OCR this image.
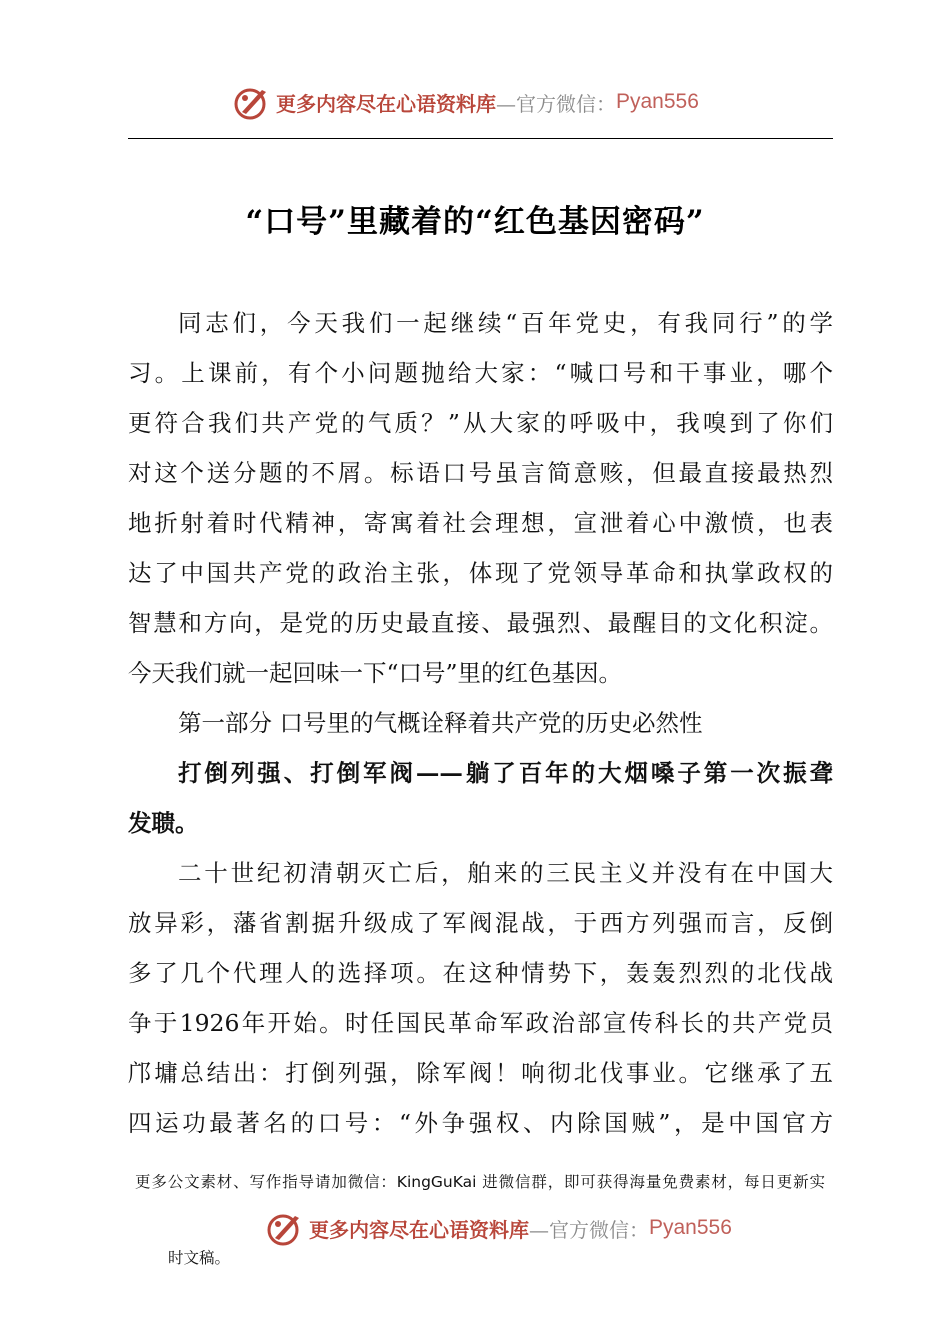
更多内容尽在心语资料库 —官方微信： Pyan556
“口号”里藏着的“红色基因密码”
同志们，今天我们一起继续“百年党史，有我同行”的学
习。上课前，有个小问题抛给大家：“喊口号和干事业，哪个
更符合我们共产党的气质？”从大家的呼吸中，我嗅到了你们
对这个送分题的不屑。标语口号虽言简意赅，但最直接最热烈
地折射着时代精神，寄寓着社会理想，宣泄着心中激愤，也表
达了中国共产党的政治主张，体现了党领导革命和执掌政权的
智慧和方向，是党的历史最直接、最强烈、最醒目的文化积淀。
今天我们就一起回味一下“口号”里的红色基因。
第一部分 口号里的气概诠释着共产党的历史必然性
打倒列强、打倒军阀——躺了百年的大烟嗓子第一次振聋
发聩。
二十世纪初清朝灭亡后，舶来的三民主义并没有在中国大
放异彩，藩省割据升级成了军阀混战，于西方列强而言，反倒
多了几个代理人的选择项。在这种情势下，轰轰烈烈的北伐战
争于1926年开始。时任国民革命军政治部宣传科长的共产党员
邝墉总结出：打倒列强，除军阀！响彻北伐事业。它继承了五
四运功最著名的口号：“外争强权、内除国贼”，是中国官方
更多公文素材、写作指导请加微信：KingGuKai 进微信群，即可获得海量免费素材，每日更新实
更多内容尽在心语资料库 —官方微信： Pyan556
时文稿。
